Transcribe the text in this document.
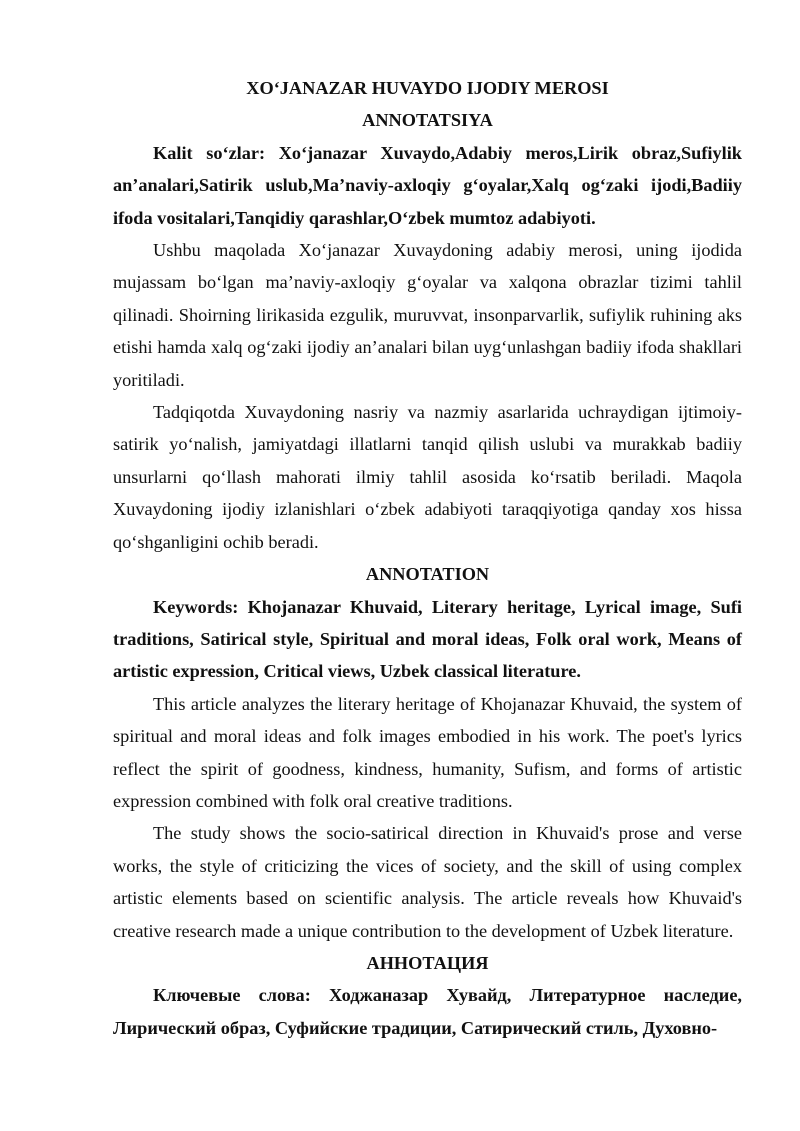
XO‘JANAZAR HUVAYDO IJODIY MEROSI
ANNOTATSIYA

Kalit so‘zlar: Xo‘janazar Xuvaydo,Adabiy meros,Lirik obraz,Sufiylik an’analari,Satirik uslub,Ma’naviy-axloqiy g‘oyalar,Xalq og‘zaki ijodi,Badiiy ifoda vositalari,Tanqidiy qarashlar,O‘zbek mumtoz adabiyoti.

Ushbu maqolada Xo‘janazar Xuvaydoning adabiy merosi, uning ijodida mujassam bo‘lgan ma’naviy-axloqiy g‘oyalar va xalqona obrazlar tizimi tahlil qilinadi. Shoirning lirikasida ezgulik, muruvvat, insonparvarlik, sufiylik ruhining aks etishi hamda xalq og‘zaki ijodiy an’analari bilan uyg‘unlashgan badiiy ifoda shakllari yoritiladi.

Tadqiqotda Xuvaydoning nasriy va nazmiy asarlarida uchraydigan ijtimoiy-satirik yo‘nalish, jamiyatdagi illatlarni tanqid qilish uslubi va murakkab badiiy unsurlarni qo‘llash mahorati ilmiy tahlil asosida ko‘rsatib beriladi. Maqola Xuvaydoning ijodiy izlanishlari o‘zbek adabiyoti taraqqiyotiga qanday xos hissa qo‘shganligini ochib beradi.

ANNOTATION

Keywords: Khojanazar Khuvaid, Literary heritage, Lyrical image, Sufi traditions, Satirical style, Spiritual and moral ideas, Folk oral work, Means of artistic expression, Critical views, Uzbek classical literature.

This article analyzes the literary heritage of Khojanazar Khuvaid, the system of spiritual and moral ideas and folk images embodied in his work. The poet's lyrics reflect the spirit of goodness, kindness, humanity, Sufism, and forms of artistic expression combined with folk oral creative traditions.

The study shows the socio-satirical direction in Khuvaid's prose and verse works, the style of criticizing the vices of society, and the skill of using complex artistic elements based on scientific analysis. The article reveals how Khuvaid's creative research made a unique contribution to the development of Uzbek literature.

АННОТАЦИЯ

Ключевые слова: Ходжаназар Хувайд, Литературное наследие, Лирический образ, Суфийские традиции, Сатирический стиль, Духовно-
